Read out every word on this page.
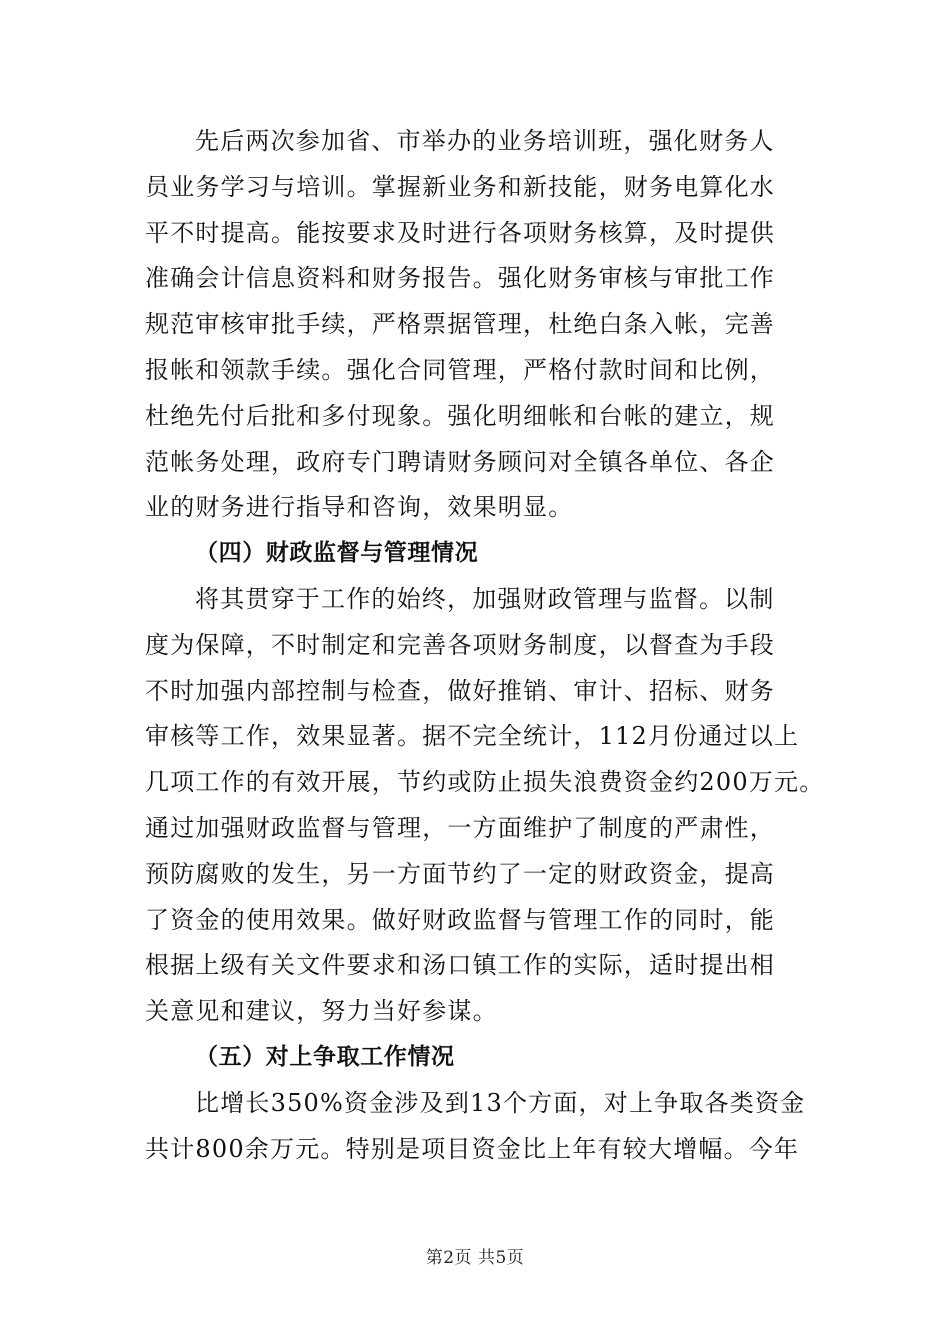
先后两次参加省、市举办的业务培训班，强化财务人
员业务学习与培训。掌握新业务和新技能，财务电算化水
平不时提高。能按要求及时进行各项财务核算，及时提供
准确会计信息资料和财务报告。强化财务审核与审批工作
规范审核审批手续，严格票据管理，杜绝白条入帐，完善
报帐和领款手续。强化合同管理，严格付款时间和比例，
杜绝先付后批和多付现象。强化明细帐和台帐的建立，规
范帐务处理，政府专门聘请财务顾问对全镇各单位、各企
业的财务进行指导和咨询，效果明显。
（四）财政监督与管理情况
将其贯穿于工作的始终，加强财政管理与监督。以制
度为保障，不时制定和完善各项财务制度，以督查为手段
不时加强内部控制与检查，做好推销、审计、招标、财务
审核等工作，效果显著。据不完全统计，112月份通过以上
几项工作的有效开展，节约或防止损失浪费资金约200万元。
通过加强财政监督与管理，一方面维护了制度的严肃性，
预防腐败的发生，另一方面节约了一定的财政资金，提高
了资金的使用效果。做好财政监督与管理工作的同时，能
根据上级有关文件要求和汤口镇工作的实际，适时提出相
关意见和建议，努力当好参谋。
（五）对上争取工作情况
比增长350%资金涉及到13个方面，对上争取各类资金
共计800余万元。特别是项目资金比上年有较大增幅。今年
第2页 共5页
